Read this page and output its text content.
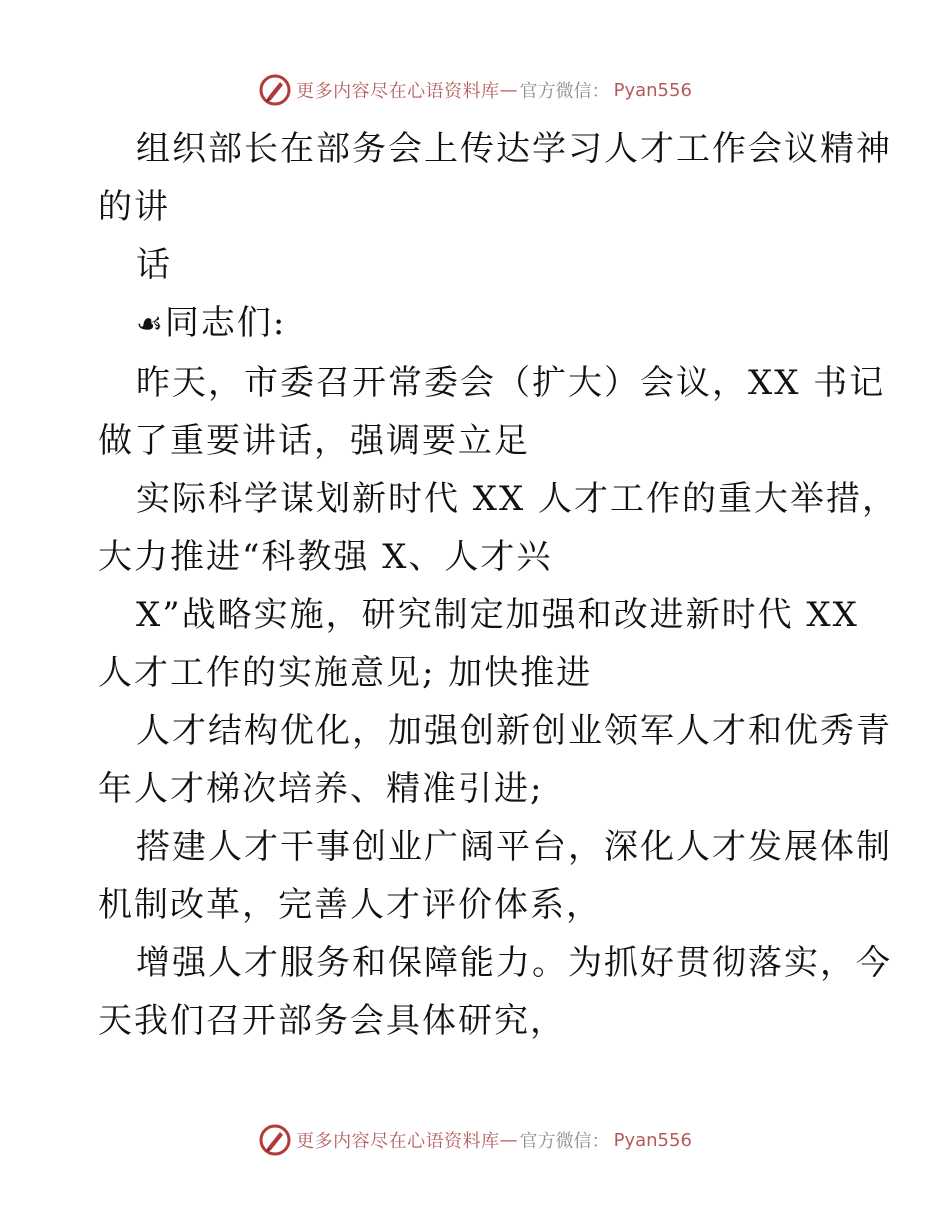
更多内容尽在心语资料库 — 官方微信： Pyan556
组织部长在部务会上传达学习人才工作会议精神
的讲
话
☙同志们:
昨天，市委召开常委会（扩大）会议，XX 书记
做了重要讲话，强调要立足
实际科学谋划新时代 XX 人才工作的重大举措，
大力推进“科教强 X、人才兴
X”战略实施，研究制定加强和改进新时代 XX
人才工作的实施意见; 加快推进
人才结构优化，加强创新创业领军人才和优秀青
年人才梯次培养、精准引进;
搭建人才干事创业广阔平台，深化人才发展体制
机制改革，完善人才评价体系，
增强人才服务和保障能力。为抓好贯彻落实，今
天我们召开部务会具体研究，
更多内容尽在心语资料库 — 官方微信： Pyan556
